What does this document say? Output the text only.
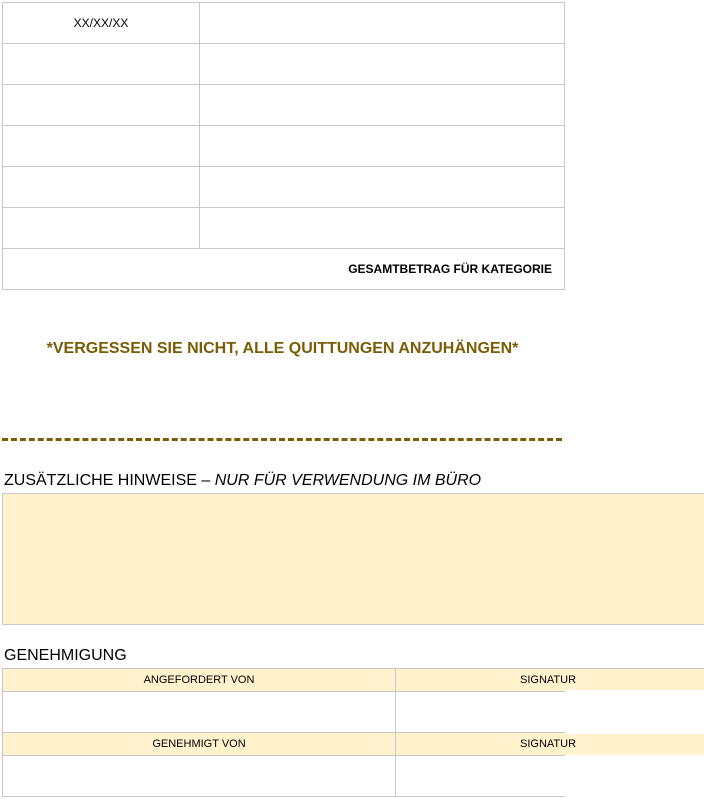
XX/XX/XX	

GESAMTBETRAG FÜR KATEGORIE	
*VERGESSEN SIE NICHT, ALLE QUITTUNGEN ANZUHÄNGEN*
ZUSÄTZLICHE HINWEISE – NUR FÜR VERWENDUNG IM BÜRO
GENEHMIGUNG
ANGEFORDERT VON	SIGNATUR

GENEHMIGT VON	SIGNATUR
